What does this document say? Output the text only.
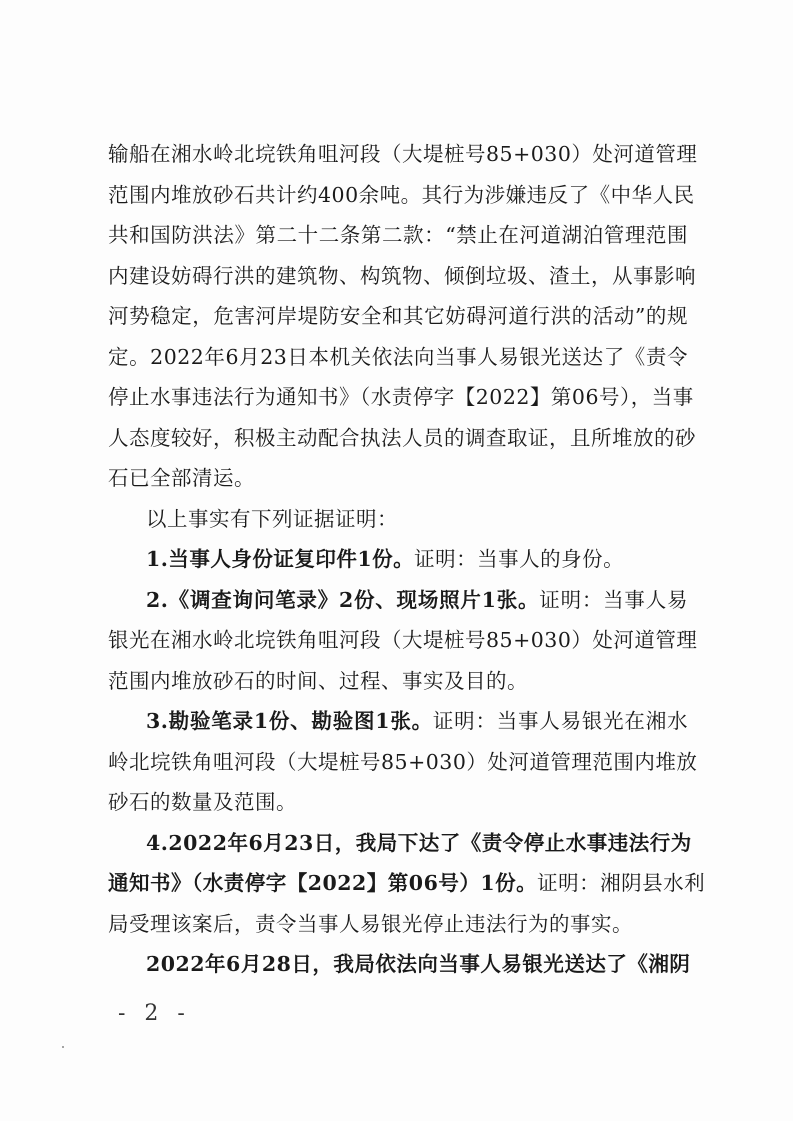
输船在湘水岭北垸铁角咀河段（大堤桩号85+030）处河道管理
范围内堆放砂石共计约400余吨。其行为涉嫌违反了《中华人民
共和国防洪法》第二十二条第二款：“禁止在河道湖泊管理范围
内建设妨碍行洪的建筑物、构筑物、倾倒垃圾、渣土，从事影响
河势稳定，危害河岸堤防安全和其它妨碍河道行洪的活动”的规
定。2022年6月23日本机关依法向当事人易银光送达了《责令
停止水事违法行为通知书》（水责停字【2022】第06号），当事
人态度较好，积极主动配合执法人员的调查取证，且所堆放的砂
石已全部清运。
以上事实有下列证据证明：
1.当事人身份证复印件1份。证明：当事人的身份。
2.《调查询问笔录》2份、现场照片1张。证明：当事人易
银光在湘水岭北垸铁角咀河段（大堤桩号85+030）处河道管理
范围内堆放砂石的时间、过程、事实及目的。
3.勘验笔录1份、勘验图1张。证明：当事人易银光在湘水
岭北垸铁角咀河段（大堤桩号85+030）处河道管理范围内堆放
砂石的数量及范围。
4.2022年6月23日，我局下达了《责令停止水事违法行为
通知书》（水责停字【2022】第06号）1份。证明：湘阴县水利
局受理该案后，责令当事人易银光停止违法行为的事实。
2022年6月28日，我局依法向当事人易银光送达了《湘阴
- 2 -
